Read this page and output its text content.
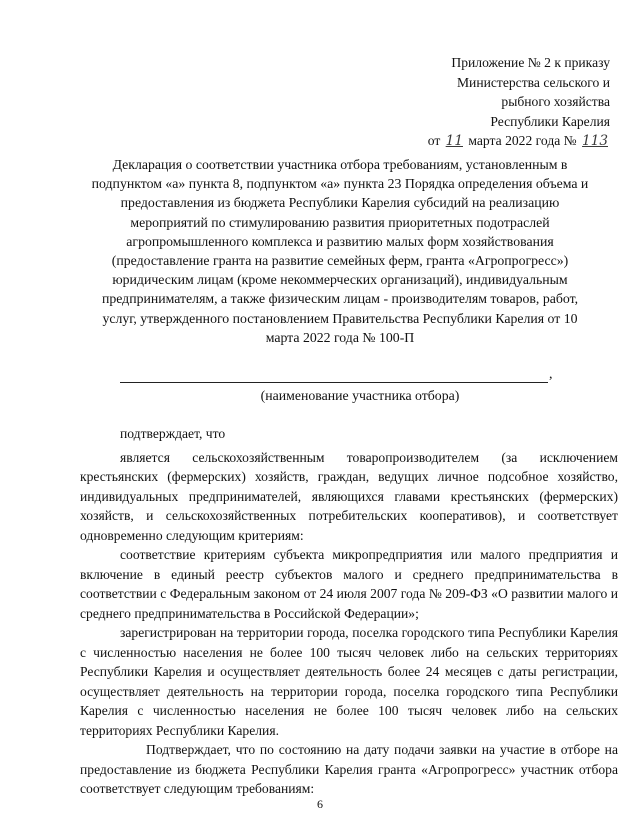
Приложение № 2 к приказу
Министерства сельского и
рыбного хозяйства
Республики Карелия
от 11 марта 2022 года № 113
Декларация о соответствии участника отбора требованиям, установленным в
подпунктом «а» пункта 8, подпунктом «а» пункта 23 Порядка определения объема и
предоставления из бюджета Республики Карелия субсидий на реализацию
мероприятий по стимулированию развития приоритетных подотраслей
агропромышленного комплекса и развитию малых форм хозяйствования
(предоставление гранта на развитие семейных ферм, гранта «Агропрогресс»)
юридическим лицам (кроме некоммерческих организаций), индивидуальным
предпринимателям, а также физическим лицам - производителям товаров, работ,
услуг, утвержденного постановлением Правительства Республики Карелия от 10
марта 2022 года № 100-П
,
(наименование участника отбора)

подтверждает, что

является сельскохозяйственным товаропроизводителем (за исключением крестьянских (фермерских) хозяйств, граждан, ведущих личное подсобное хозяйство, индивидуальных предпринимателей, являющихся главами крестьянских (фермерских) хозяйств, и сельскохозяйственных потребительских кооперативов), и соответствует одновременно следующим критериям:

соответствие критериям субъекта микропредприятия или малого предприятия и включение в единый реестр субъектов малого и среднего предпринимательства в соответствии с Федеральным законом от 24 июля 2007 года № 209-ФЗ «О развитии малого и среднего предпринимательства в Российской Федерации»;

зарегистрирован на территории города, поселка городского типа Республики Карелия с численностью населения не более 100 тысяч человек либо на сельских территориях Республики Карелия и осуществляет деятельность более 24 месяцев с даты регистрации, осуществляет деятельность на территории города, поселка городского типа Республики Карелия с численностью населения не более 100 тысяч человек либо на сельских территориях Республики Карелия.

Подтверждает, что по состоянию на дату подачи заявки на участие в отборе на предоставление из бюджета Республики Карелия гранта «Агропрогресс» участник отбора соответствует следующим требованиям:

6
